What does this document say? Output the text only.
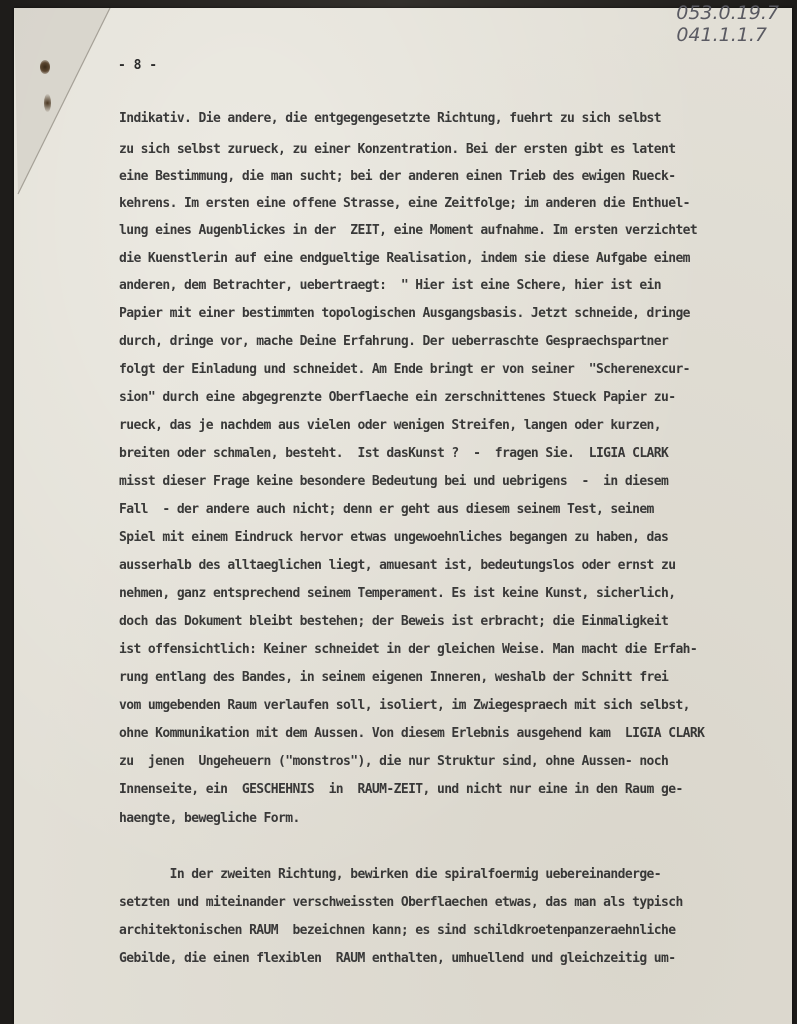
053.0.19.7
041.1.1.7
- 8 -
Indikativ. Die andere, die entgegengesetzte Richtung, fuehrt zu sich selbst
zu sich selbst zurueck, zu einer Konzentration. Bei der ersten gibt es latent
eine Bestimmung, die man sucht; bei der anderen einen Trieb des ewigen Rueck-
kehrens. Im ersten eine offene Strasse, eine Zeitfolge; im anderen die Enthuel-
lung eines Augenblickes in der  ZEIT, eine Moment aufnahme. Im ersten verzichtet
die Kuenstlerin auf eine endgueltige Realisation, indem sie diese Aufgabe einem
anderen, dem Betrachter, uebertraegt:  " Hier ist eine Schere, hier ist ein
Papier mit einer bestimmten topologischen Ausgangsbasis. Jetzt schneide, dringe
durch, dringe vor, mache Deine Erfahrung. Der ueberraschte Gespraechspartner
folgt der Einladung und schneidet. Am Ende bringt er von seiner  "Scherenexcur-
sion" durch eine abgegrenzte Oberflaeche ein zerschnittenes Stueck Papier zu-
rueck, das je nachdem aus vielen oder wenigen Streifen, langen oder kurzen,
breiten oder schmalen, besteht.  Ist dasKunst ?  -  fragen Sie.  LIGIA CLARK
misst dieser Frage keine besondere Bedeutung bei und uebrigens  -  in diesem
Fall  - der andere auch nicht; denn er geht aus diesem seinem Test, seinem
Spiel mit einem Eindruck hervor etwas ungewoehnliches begangen zu haben, das
ausserhalb des alltaeglichen liegt, amuesant ist, bedeutungslos oder ernst zu
nehmen, ganz entsprechend seinem Temperament. Es ist keine Kunst, sicherlich,
doch das Dokument bleibt bestehen; der Beweis ist erbracht; die Einmaligkeit
ist offensichtlich: Keiner schneidet in der gleichen Weise. Man macht die Erfah-
rung entlang des Bandes, in seinem eigenen Inneren, weshalb der Schnitt frei
vom umgebenden Raum verlaufen soll, isoliert, im Zwiegespraech mit sich selbst,
ohne Kommunikation mit dem Aussen. Von diesem Erlebnis ausgehend kam  LIGIA CLARK
zu  jenen  Ungeheuern ("monstros"), die nur Struktur sind, ohne Aussen- noch
Innenseite, ein  GESCHEHNIS  in  RAUM-ZEIT, und nicht nur eine in den Raum ge-
haengte, bewegliche Form.
In der zweiten Richtung, bewirken die spiralfoermig uebereinandergе-
setzten und miteinander verschweissten Oberflaechen etwas, das man als typisch
architektonischen RAUM  bezeichnen kann; es sind schildkroetenpanzeraehnliche
Gebilde, die einen flexiblen  RAUM enthalten, umhuellend und gleichzeitig um-
